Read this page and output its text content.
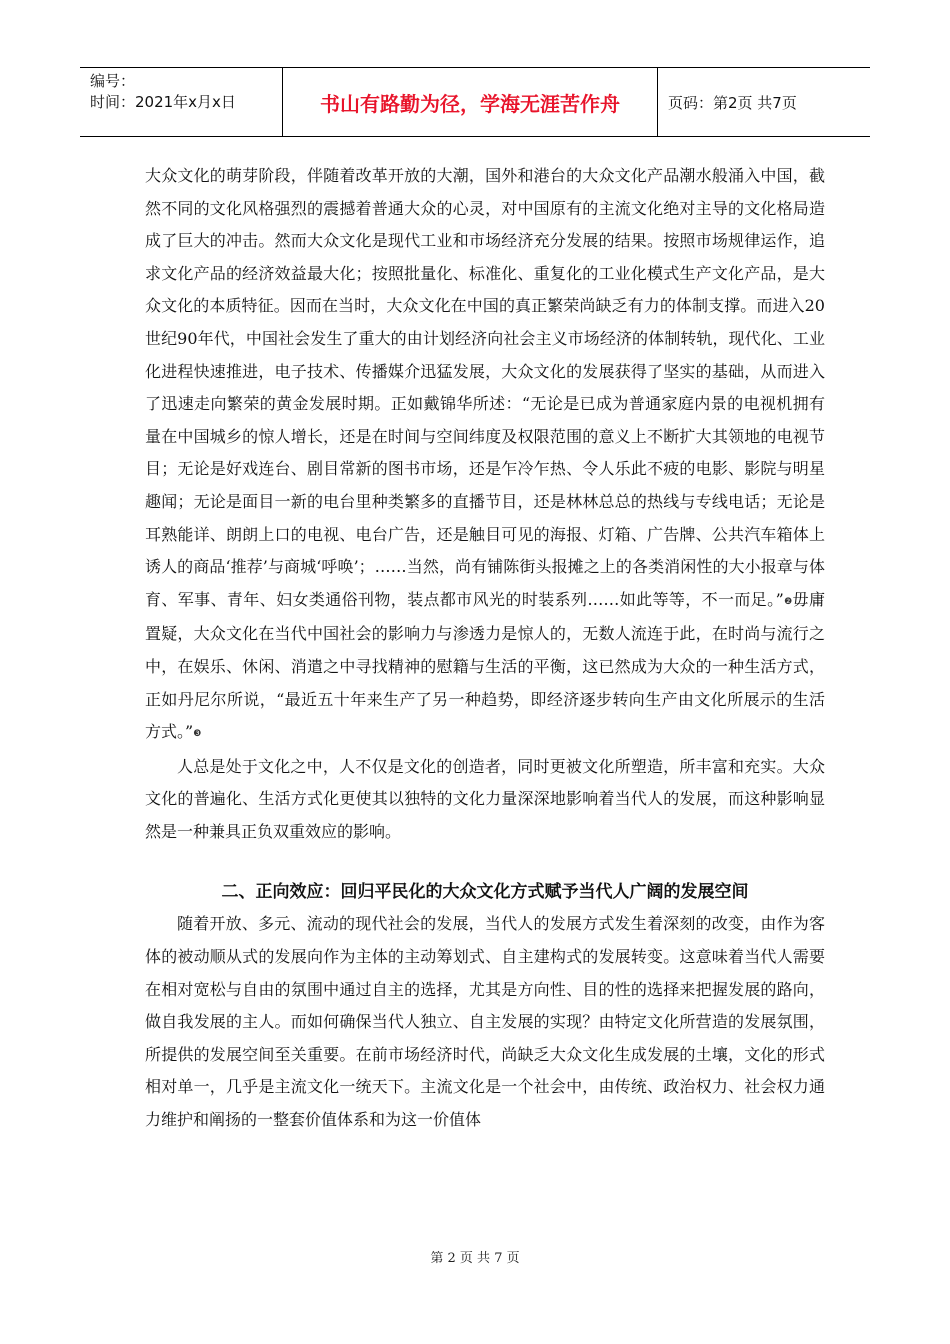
编号：
时间：2021年x月x日	书山有路勤为径，学海无涯苦作舟	页码：第2页 共7页

大众文化的萌芽阶段，伴随着改革开放的大潮，国外和港台的大众文化产品潮水般涌入中国，截然不同的文化风格强烈的震撼着普通大众的心灵，对中国原有的主流文化绝对主导的文化格局造成了巨大的冲击。然而大众文化是现代工业和市场经济充分发展的结果。按照市场规律运作，追求文化产品的经济效益最大化；按照批量化、标准化、重复化的工业化模式生产文化产品，是大众文化的本质特征。因而在当时，大众文化在中国的真正繁荣尚缺乏有力的体制支撑。而进入20世纪90年代，中国社会发生了重大的由计划经济向社会主义市场经济的体制转轨，现代化、工业化进程快速推进，电子技术、传播媒介迅猛发展，大众文化的发展获得了坚实的基础，从而进入了迅速走向繁荣的黄金发展时期。正如戴锦华所述：“无论是已成为普通家庭内景的电视机拥有量在中国城乡的惊人增长，还是在时间与空间纬度及权限范围的意义上不断扩大其领地的电视节目；无论是好戏连台、剧目常新的图书市场，还是乍冷乍热、令人乐此不疲的电影、影院与明星趣闻；无论是面目一新的电台里种类繁多的直播节目，还是林林总总的热线与专线电话；无论是耳熟能详、朗朗上口的电视、电台广告，还是触目可见的海报、灯箱、广告牌、公共汽车箱体上诱人的商品‘推荐’与商城‘呼唤’；……当然，尚有铺陈街头报摊之上的各类消闲性的大小报章与体育、军事、青年、妇女类通俗刊物，装点都市风光的时装系列……如此等等，不一而足。”❷毋庸置疑，大众文化在当代中国社会的影响力与渗透力是惊人的，无数人流连于此，在时尚与流行之中，在娱乐、休闲、消遣之中寻找精神的慰籍与生活的平衡，这已然成为大众的一种生活方式，正如丹尼尔所说，“最近五十年来生产了另一种趋势，即经济逐步转向生产由文化所展示的生活方式。”❸

人总是处于文化之中，人不仅是文化的创造者，同时更被文化所塑造，所丰富和充实。大众文化的普遍化、生活方式化更使其以独特的文化力量深深地影响着当代人的发展，而这种影响显然是一种兼具正负双重效应的影响。

二、正向效应：回归平民化的大众文化方式赋予当代人广阔的发展空间

随着开放、多元、流动的现代社会的发展，当代人的发展方式发生着深刻的改变，由作为客体的被动顺从式的发展向作为主体的主动筹划式、自主建构式的发展转变。这意味着当代人需要在相对宽松与自由的氛围中通过自主的选择，尤其是方向性、目的性的选择来把握发展的路向，做自我发展的主人。而如何确保当代人独立、自主发展的实现？由特定文化所营造的发展氛围，所提供的发展空间至关重要。在前市场经济时代，尚缺乏大众文化生成发展的土壤，文化的形式相对单一，几乎是主流文化一统天下。主流文化是一个社会中，由传统、政治权力、社会权力通力维护和阐扬的一整套价值体系和为这一价值体

第 2 页 共 7 页
